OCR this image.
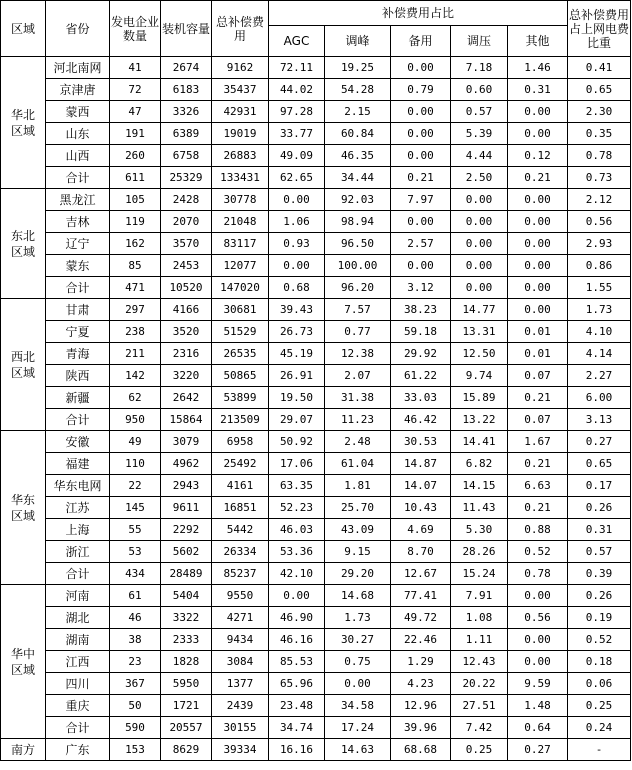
区域	省份	发电企业数量	装机容量	总补偿费用	补偿费用占比					总补偿费用占上网电费比重
					AGC	调峰	备用	调压	其他	
华北区域	河北南网	41	2674	9162	72.11	19.25	0.00	7.18	1.46	0.41
	京津唐	72	6183	35437	44.02	54.28	0.79	0.60	0.31	0.65
	蒙西	47	3326	42931	97.28	2.15	0.00	0.57	0.00	2.30
	山东	191	6389	19019	33.77	60.84	0.00	5.39	0.00	0.35
	山西	260	6758	26883	49.09	46.35	0.00	4.44	0.12	0.78
	合计	611	25329	133431	62.65	34.44	0.21	2.50	0.21	0.73
东北区域	黑龙江	105	2428	30778	0.00	92.03	7.97	0.00	0.00	2.12
	吉林	119	2070	21048	1.06	98.94	0.00	0.00	0.00	0.56
	辽宁	162	3570	83117	0.93	96.50	2.57	0.00	0.00	2.93
	蒙东	85	2453	12077	0.00	100.00	0.00	0.00	0.00	0.86
	合计	471	10520	147020	0.68	96.20	3.12	0.00	0.00	1.55
西北区域	甘肃	297	4166	30681	39.43	7.57	38.23	14.77	0.00	1.73
	宁夏	238	3520	51529	26.73	0.77	59.18	13.31	0.01	4.10
	青海	211	2316	26535	45.19	12.38	29.92	12.50	0.01	4.14
	陕西	142	3220	50865	26.91	2.07	61.22	9.74	0.07	2.27
	新疆	62	2642	53899	19.50	31.38	33.03	15.89	0.21	6.00
	合计	950	15864	213509	29.07	11.23	46.42	13.22	0.07	3.13
华东区域	安徽	49	3079	6958	50.92	2.48	30.53	14.41	1.67	0.27
	福建	110	4962	25492	17.06	61.04	14.87	6.82	0.21	0.65
	华东电网	22	2943	4161	63.35	1.81	14.07	14.15	6.63	0.17
	江苏	145	9611	16851	52.23	25.70	10.43	11.43	0.21	0.26
	上海	55	2292	5442	46.03	43.09	4.69	5.30	0.88	0.31
	浙江	53	5602	26334	53.36	9.15	8.70	28.26	0.52	0.57
	合计	434	28489	85237	42.10	29.20	12.67	15.24	0.78	0.39
华中区域	河南	61	5404	9550	0.00	14.68	77.41	7.91	0.00	0.26
	湖北	46	3322	4271	46.90	1.73	49.72	1.08	0.56	0.19
	湖南	38	2333	9434	46.16	30.27	22.46	1.11	0.00	0.52
	江西	23	1828	3084	85.53	0.75	1.29	12.43	0.00	0.18
	四川	367	5950	1377	65.96	0.00	4.23	20.22	9.59	0.06
	重庆	50	1721	2439	23.48	34.58	12.96	27.51	1.48	0.25
	合计	590	20557	30155	34.74	17.24	39.96	7.42	0.64	0.24
南方	广东	153	8629	39334	16.16	14.63	68.68	0.25	0.27	-
